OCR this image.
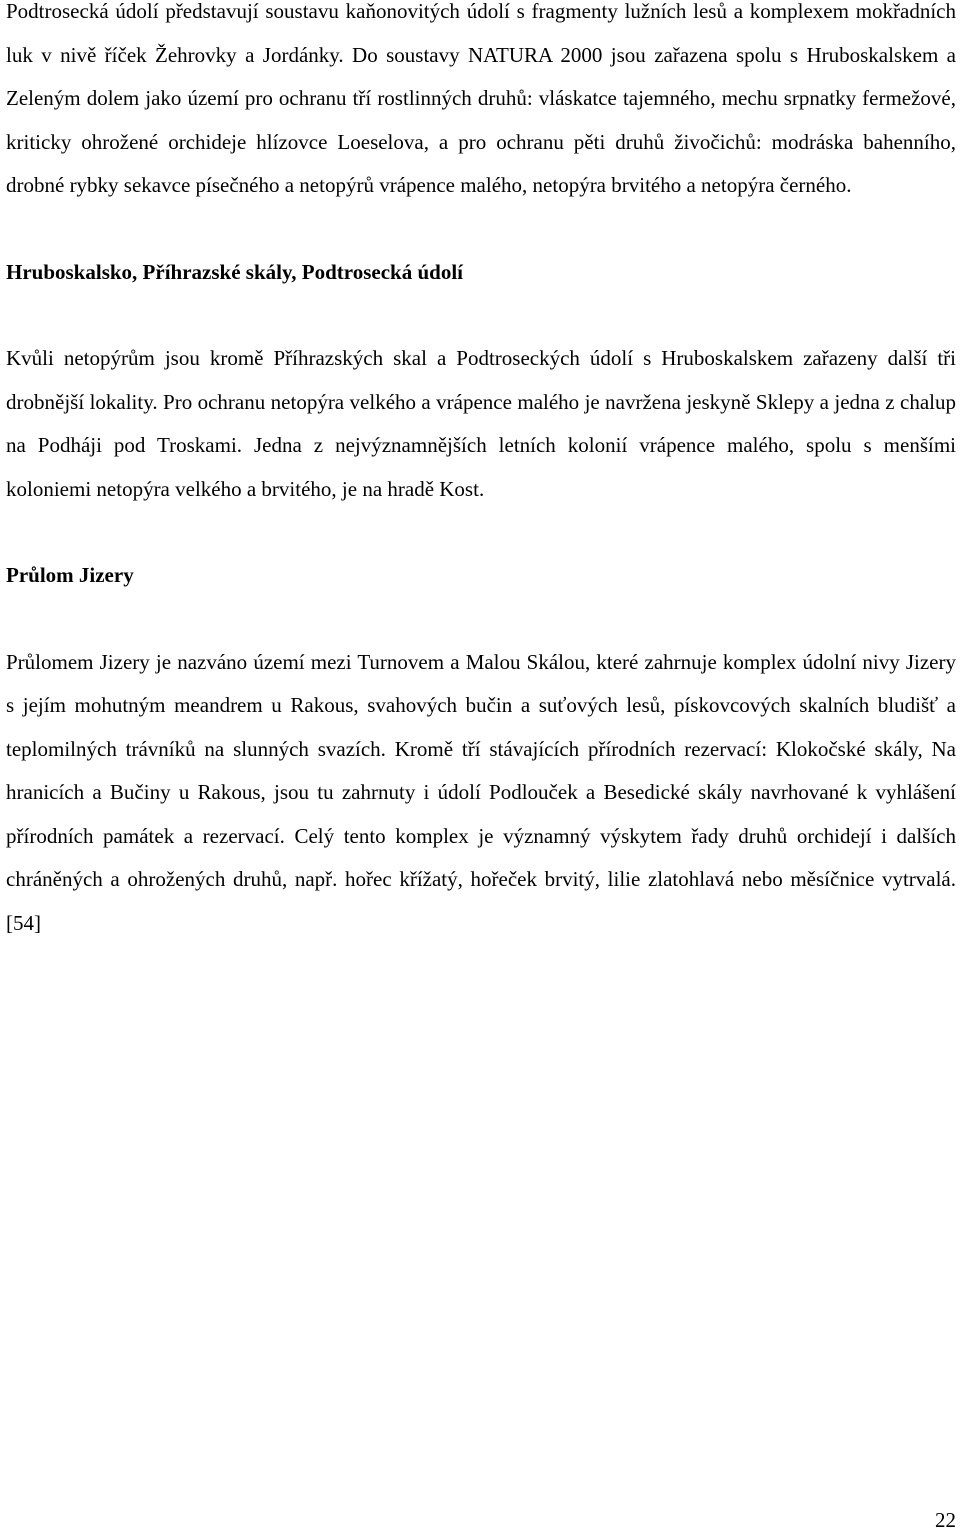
Podtrosecká údolí představují soustavu kaňonovitých údolí s fragmenty lužních lesů a komplexem mokřadních luk v nivě říček Žehrovky a Jordánky. Do soustavy NATURA 2000 jsou zařazena spolu s Hruboskalskem a Zeleným dolem jako území pro ochranu tří rostlinných druhů: vláskatce tajemného, mechu srpnatky fermežové, kriticky ohrožené orchideje hlízovce Loeselova, a pro ochranu pěti druhů živočichů: modráska bahenního, drobné rybky sekavce písečného a netopýrů vrápence malého, netopýra brvitého a netopýra černého.

Hruboskalsko, Příhrazské skály, Podtrosecká údolí

Kvůli netopýrům jsou kromě Příhrazských skal a Podtroseckých údolí s Hruboskalskem zařazeny další tři drobnější lokality. Pro ochranu netopýra velkého a vrápence malého je navržena jeskyně Sklepy a jedna z chalup na Podháji pod Troskami. Jedna z nejvýznamnějších letních kolonií vrápence malého, spolu s menšími koloniemi netopýra velkého a brvitého, je na hradě Kost.

Průlom Jizery

Průlomem Jizery je nazváno území mezi Turnovem a Malou Skálou, které zahrnuje komplex údolní nivy Jizery s jejím mohutným meandrem u Rakous, svahových bučin a suťových lesů, pískovcových skalních bludišť a teplomilných trávníků na slunných svazích. Kromě tří stávajících přírodních rezervací: Klokočské skály, Na hranicích a Bučiny u Rakous, jsou tu zahrnuty i údolí Podlouček a Besedické skály navrhované k vyhlášení přírodních památek a rezervací. Celý tento komplex je významný výskytem řady druhů orchidejí i dalších chráněných a ohrožených druhů, např. hořec křížatý, hořeček brvitý, lilie zlatohlavá nebo měsíčnice vytrvalá.[54]

22
